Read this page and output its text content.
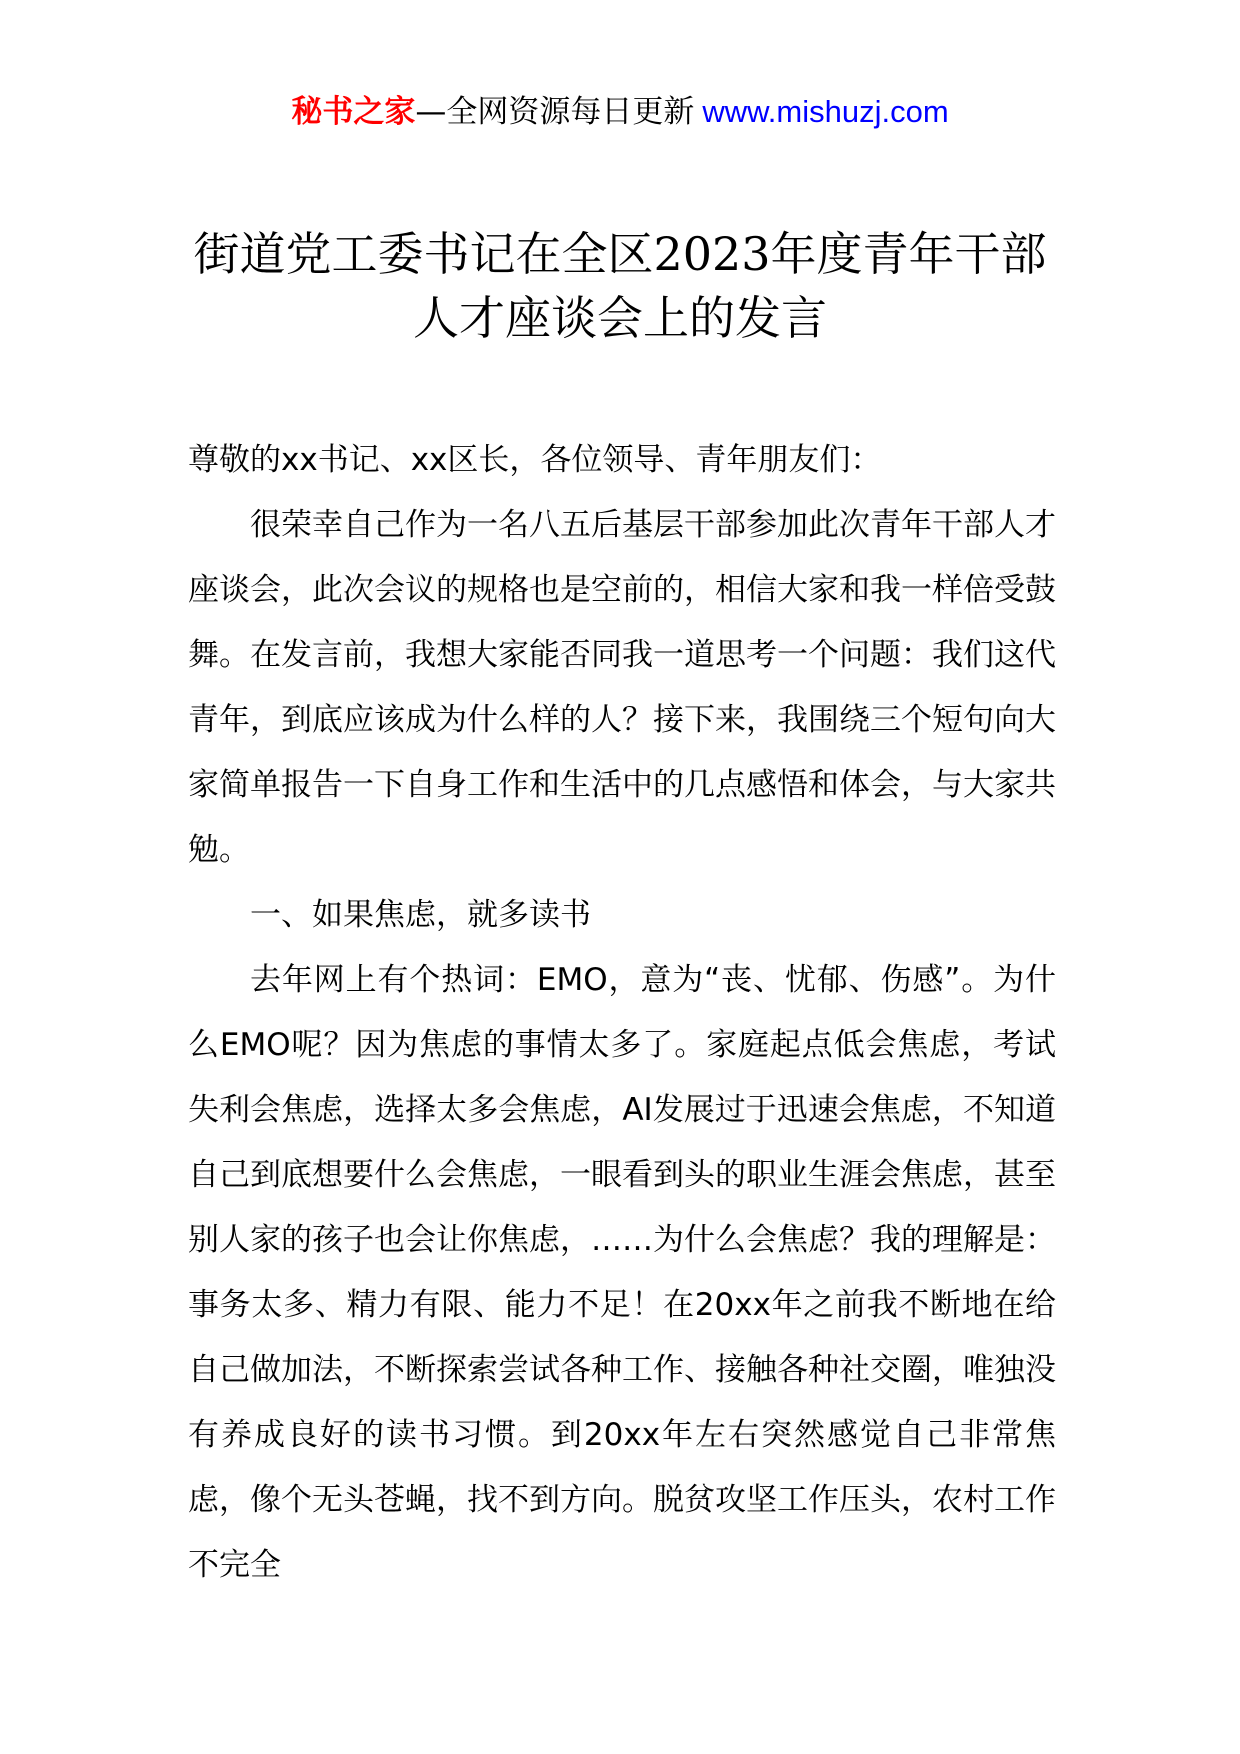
秘书之家—全网资源每日更新 www.mishuzj.com
街道党工委书记在全区2023年度青年干部
人才座谈会上的发言

尊敬的xx书记、xx区长，各位领导、青年朋友们：

很荣幸自己作为一名八五后基层干部参加此次青年干部人才座谈会，此次会议的规格也是空前的，相信大家和我一样倍受鼓舞。在发言前，我想大家能否同我一道思考一个问题：我们这代青年，到底应该成为什么样的人？接下来，我围绕三个短句向大家简单报告一下自身工作和生活中的几点感悟和体会，与大家共勉。

一、如果焦虑，就多读书

去年网上有个热词：EMO，意为“丧、忧郁、伤感”。为什么EMO呢？因为焦虑的事情太多了。家庭起点低会焦虑，考试失利会焦虑，选择太多会焦虑，AI发展过于迅速会焦虑，不知道自己到底想要什么会焦虑，一眼看到头的职业生涯会焦虑，甚至别人家的孩子也会让你焦虑，……为什么会焦虑？我的理解是：事务太多、精力有限、能力不足！在20xx年之前我不断地在给自己做加法，不断探索尝试各种工作、接触各种社交圈，唯独没有养成良好的读书习惯。到20xx年左右突然感觉自己非常焦虑，像个无头苍蝇，找不到方向。脱贫攻坚工作压头，农村工作不完全
